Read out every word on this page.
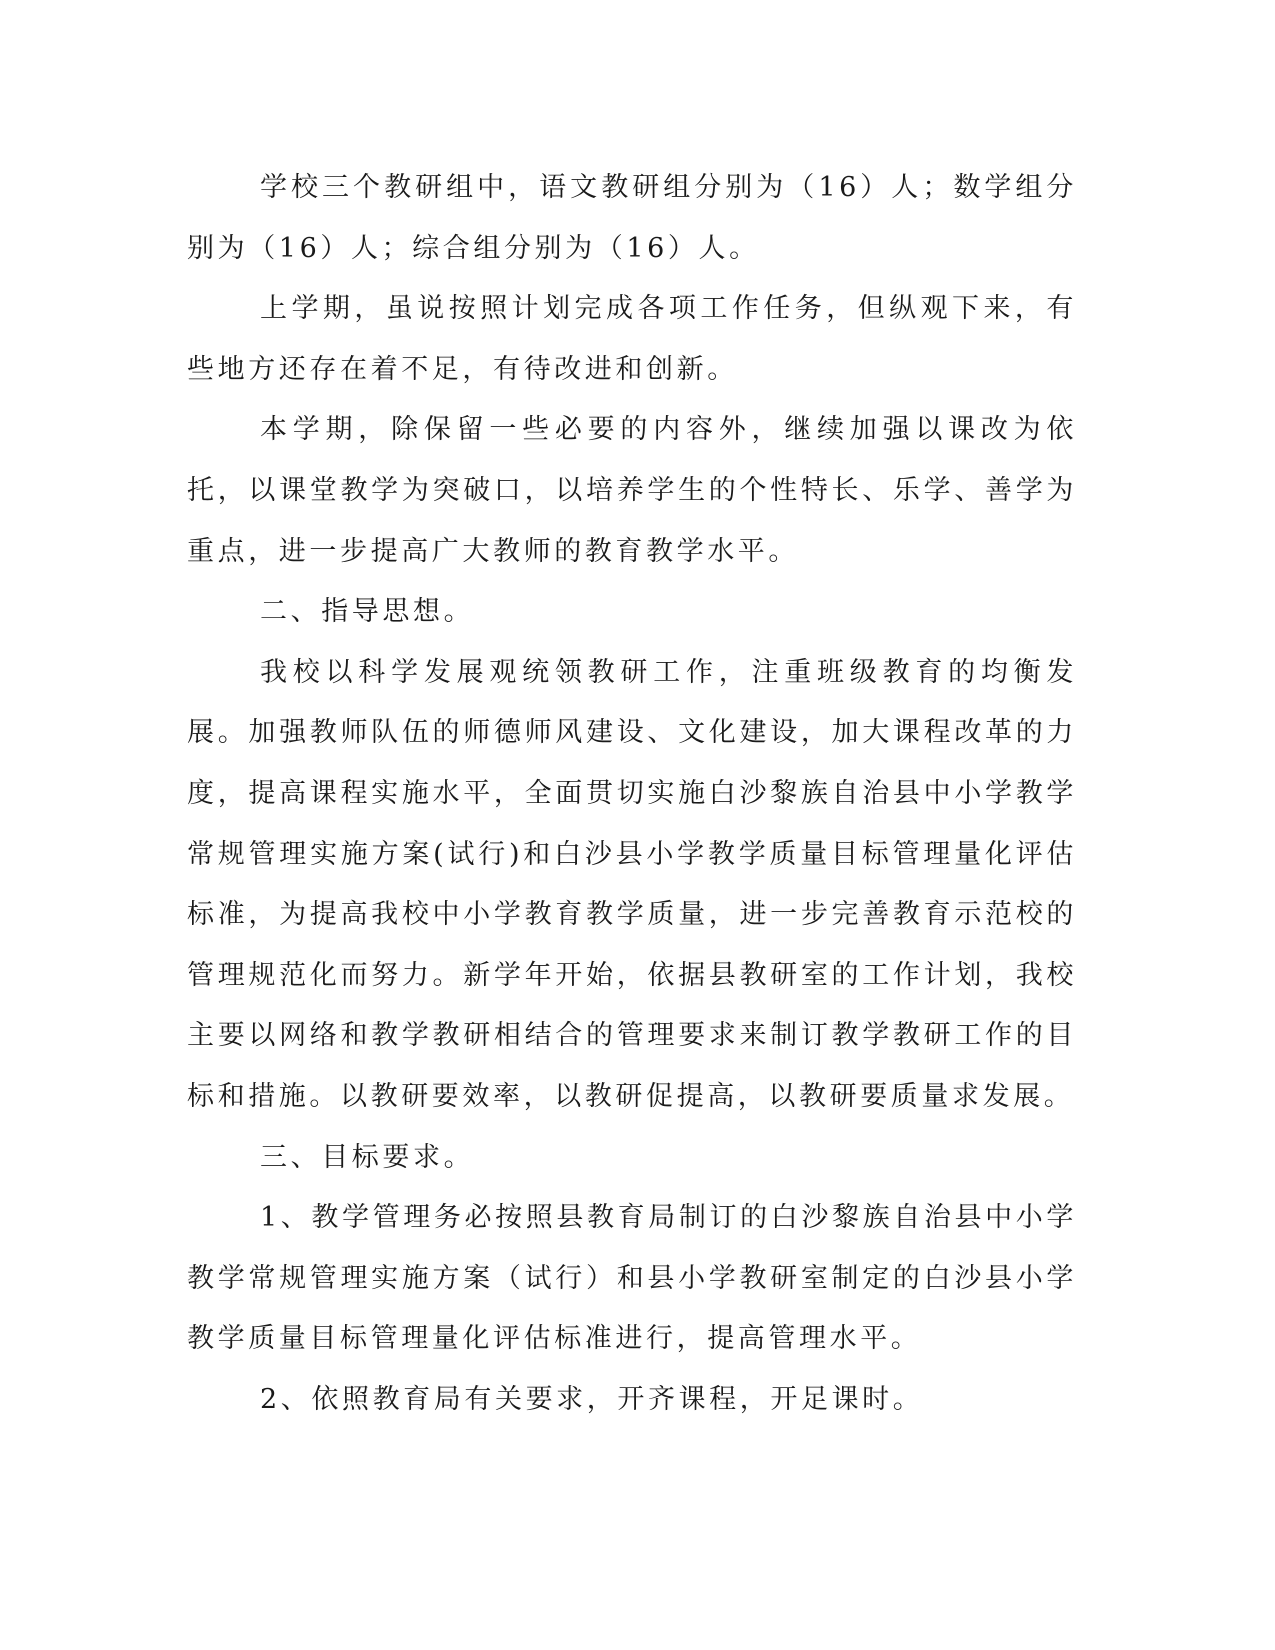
学校三个教研组中，语文教研组分别为（16）人；数学组分别为（16）人；综合组分别为（16）人。

上学期，虽说按照计划完成各项工作任务，但纵观下来，有些地方还存在着不足，有待改进和创新。

本学期，除保留一些必要的内容外，继续加强以课改为依托，以课堂教学为突破口，以培养学生的个性特长、乐学、善学为重点，进一步提高广大教师的教育教学水平。

二、指导思想。

我校以科学发展观统领教研工作，注重班级教育的均衡发展。加强教师队伍的师德师风建设、文化建设，加大课程改革的力度，提高课程实施水平，全面贯切实施白沙黎族自治县中小学教学常规管理实施方案(试行)和白沙县小学教学质量目标管理量化评估标准，为提高我校中小学教育教学质量，进一步完善教育示范校的管理规范化而努力。新学年开始，依据县教研室的工作计划，我校主要以网络和教学教研相结合的管理要求来制订教学教研工作的目标和措施。以教研要效率，以教研促提高，以教研要质量求发展。

三、目标要求。

1、教学管理务必按照县教育局制订的白沙黎族自治县中小学教学常规管理实施方案（试行）和县小学教研室制定的白沙县小学教学质量目标管理量化评估标准进行，提高管理水平。

2、依照教育局有关要求，开齐课程，开足课时。
